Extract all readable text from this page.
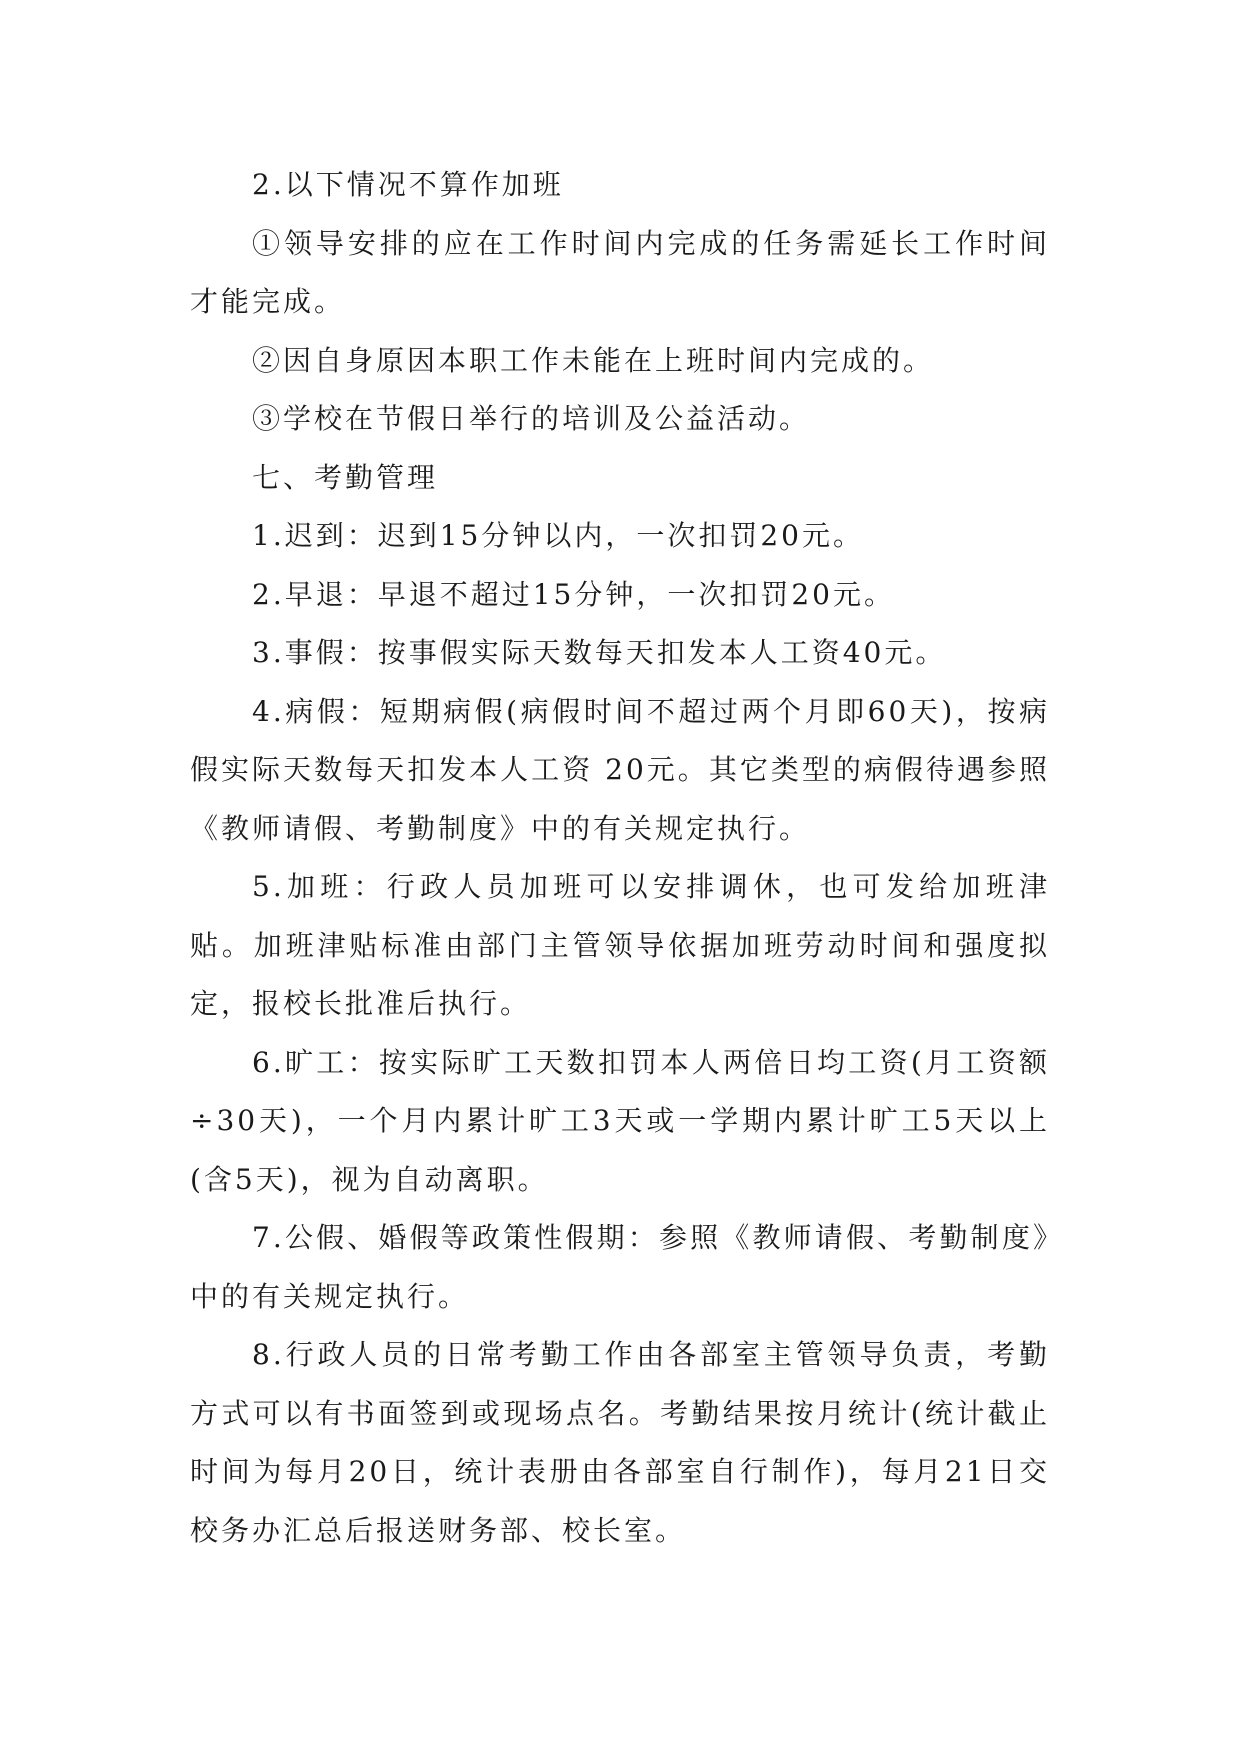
2.以下情况不算作加班

①领导安排的应在工作时间内完成的任务需延长工作时间才能完成。

②因自身原因本职工作未能在上班时间内完成的。

③学校在节假日举行的培训及公益活动。

七、考勤管理

1.迟到：迟到15分钟以内，一次扣罚20元。

2.早退：早退不超过15分钟，一次扣罚20元。

3.事假：按事假实际天数每天扣发本人工资40元。

4.病假：短期病假(病假时间不超过两个月即60天)，按病假实际天数每天扣发本人工资 20元。其它类型的病假待遇参照《教师请假、考勤制度》中的有关规定执行。

5.加班：行政人员加班可以安排调休，也可发给加班津贴。加班津贴标准由部门主管领导依据加班劳动时间和强度拟定，报校长批准后执行。

6.旷工：按实际旷工天数扣罚本人两倍日均工资(月工资额÷30天)，一个月内累计旷工3天或一学期内累计旷工5天以上(含5天)，视为自动离职。

7.公假、婚假等政策性假期：参照《教师请假、考勤制度》中的有关规定执行。

8.行政人员的日常考勤工作由各部室主管领导负责，考勤方式可以有书面签到或现场点名。考勤结果按月统计(统计截止时间为每月20日，统计表册由各部室自行制作)，每月21日交校务办汇总后报送财务部、校长室。
